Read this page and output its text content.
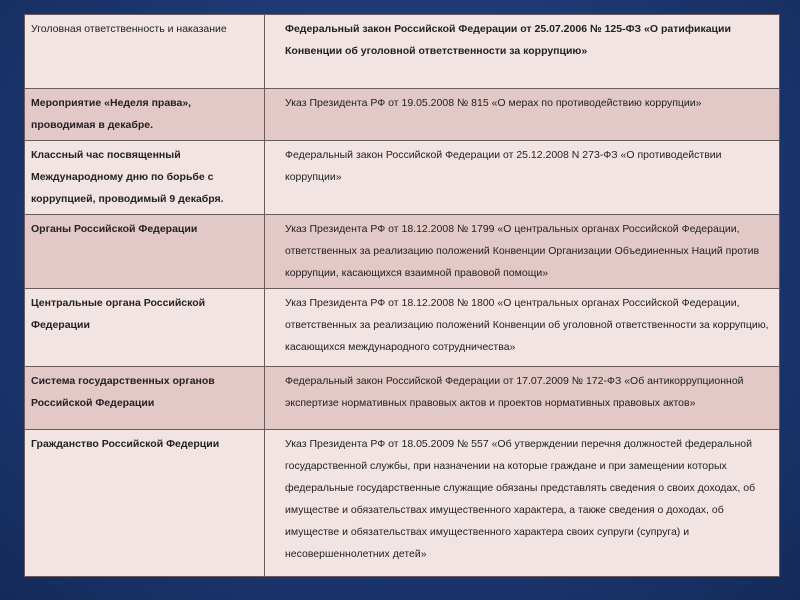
Уголовная ответственность и наказание	Федеральный закон Российской Федерации от 25.07.2006 № 125-ФЗ «О ратификации Конвенции об уголовной ответственности за коррупцию»
Мероприятие «Неделя права», проводимая в декабре.	Указ Президента РФ от 19.05.2008 № 815 «О мерах по противодействию коррупции»
Классный час посвященный Международному дню по борьбе с коррупцией, проводимый 9 декабря.	Федеральный закон Российской Федерации от 25.12.2008 N 273-ФЗ «О противодействии коррупции»
Органы Российской Федерации	Указ Президента РФ от 18.12.2008 № 1799 «О центральных органах Российской Федерации, ответственных за реализацию положений Конвенции Организации Объединенных Наций против коррупции, касающихся взаимной правовой помощи»
Центральные органа Российской Федерации	Указ Президента РФ от 18.12.2008 № 1800 «О центральных органах Российской Федерации, ответственных за реализацию положений Конвенции об уголовной ответственности за коррупцию, касающихся международного сотрудничества»
Система государственных органов Российской Федерации	Федеральный закон Российской Федерации от 17.07.2009 № 172-ФЗ «Об антикоррупционной экспертизе нормативных правовых актов и проектов нормативных правовых актов»
Гражданство Российской Федерции	Указ Президента РФ от 18.05.2009 № 557 «Об утверждении перечня должностей федеральной государственной службы, при назначении на которые граждане и при замещении которых федеральные государственные служащие обязаны представлять сведения о своих доходах, об имуществе и обязательствах имущественного характера, а также сведения о доходах, об имуществе и обязательствах имущественного характера своих супруги (супруга) и несовершеннолетних детей»
